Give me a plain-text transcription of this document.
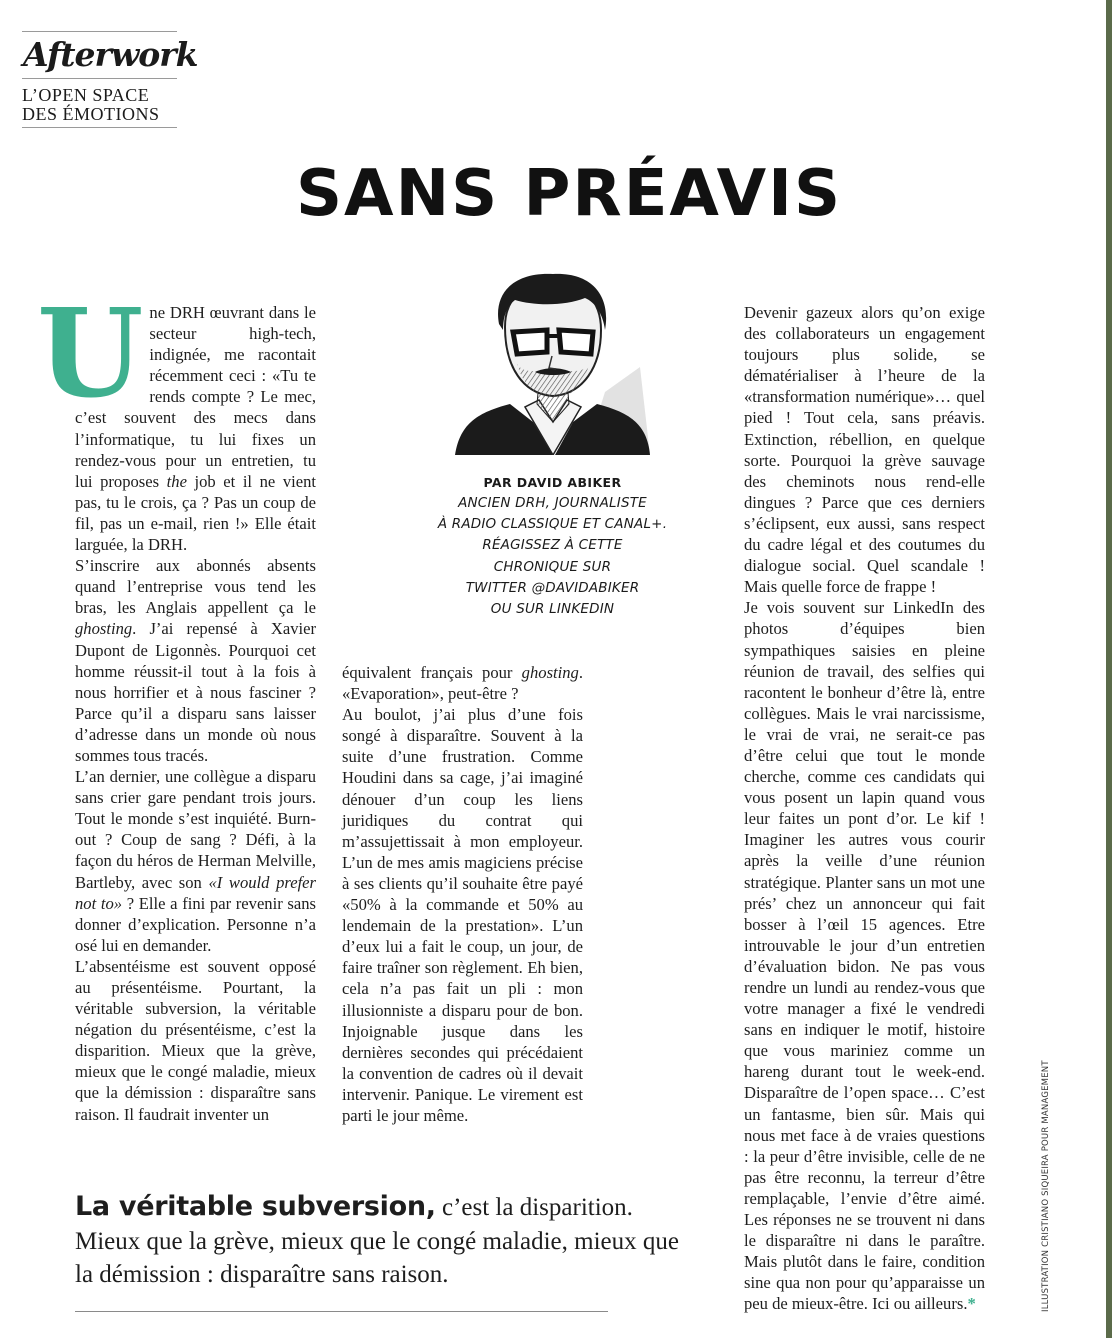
Afterwork
L’OPEN SPACE
DES ÉMOTIONS
SANS PRÉAVIS
U ne DRH œuvrant dans le secteur high-tech, indignée, me racontait récemment ceci : «Tu te rends compte ? Le mec, c’est souvent des mecs dans l’informatique, tu lui fixes un rendez-vous pour un entretien, tu lui proposes the job et il ne vient pas, tu le crois, ça ? Pas un coup de fil, pas un e-mail, rien !» Elle était larguée, la DRH.

S’inscrire aux abonnés absents quand l’entreprise vous tend les bras, les Anglais appellent ça le ghosting. J’ai repensé à Xavier Dupont de Ligonnès. Pourquoi cet homme réussit-il tout à la fois à nous horrifier et à nous fasciner ? Parce qu’il a disparu sans laisser d’adresse dans un monde où nous sommes tous tracés.

L’an dernier, une collègue a disparu sans crier gare pendant trois jours. Tout le monde s’est inquiété. Burn-out ? Coup de sang ? Défi, à la façon du héros de Herman Melville, Bartleby, avec son «I would prefer not to» ? Elle a fini par revenir sans donner d’explication. Personne n’a osé lui en demander.

L’absentéisme est souvent opposé au présentéisme. Pourtant, la véritable subversion, la véritable négation du présentéisme, c’est la disparition. Mieux que la grève, mieux que le congé maladie, mieux que la démission : disparaître sans raison. Il faudrait inventer un

PAR DAVID ABIKER
ANCIEN DRH, JOURNALISTE
À RADIO CLASSIQUE ET CANAL+.
RÉAGISSEZ À CETTE
CHRONIQUE SUR
TWITTER @DAVIDABIKER
OU SUR LINKEDIN

équivalent français pour ghosting. «Evaporation», peut-être ?

Au boulot, j’ai plus d’une fois songé à disparaître. Souvent à la suite d’une frustration. Comme Houdini dans sa cage, j’ai imaginé dénouer d’un coup les liens juridiques du contrat qui m’assujettissait à mon employeur. L’un de mes amis magiciens précise à ses clients qu’il souhaite être payé «50% à la commande et 50% au lendemain de la prestation». L’un d’eux lui a fait le coup, un jour, de faire traîner son règlement. Eh bien, cela n’a pas fait un pli : mon illusionniste a disparu pour de bon. Injoignable jusque dans les dernières secondes qui précédaient la convention de cadres où il devait intervenir. Panique. Le virement est parti le jour même.

Devenir gazeux alors qu’on exige des collaborateurs un engagement toujours plus solide, se dématérialiser à l’heure de la «transformation numérique»… quel pied ! Tout cela, sans préavis. Extinction, rébellion, en quelque sorte. Pourquoi la grève sauvage des cheminots nous rend-elle dingues ? Parce que ces derniers s’éclipsent, eux aussi, sans respect du cadre légal et des coutumes du dialogue social. Quel scandale ! Mais quelle force de frappe !

Je vois souvent sur LinkedIn des photos d’équipes bien sympathiques saisies en pleine réunion de travail, des selfies qui racontent le bonheur d’être là, entre collègues. Mais le vrai narcissisme, le vrai de vrai, ne serait-ce pas d’être celui que tout le monde cherche, comme ces candidats qui vous posent un lapin quand vous leur faites un pont d’or. Le kif ! Imaginer les autres vous courir après la veille d’une réunion stratégique. Planter sans un mot une prés’ chez un annonceur qui fait bosser à l’œil 15 agences. Etre introuvable le jour d’un entretien d’évaluation bidon. Ne pas vous rendre un lundi au rendez-vous que votre manager a fixé le vendredi sans en indiquer le motif, histoire que vous mariniez comme un hareng durant tout le week-end. Disparaître de l’open space… C’est un fantasme, bien sûr. Mais qui nous met face à de vraies questions : la peur d’être invisible, celle de ne pas être reconnu, la terreur d’être remplaçable, l’envie d’être aimé. Les réponses ne se trouvent ni dans le disparaître ni dans le paraître. Mais plutôt dans le faire, condition sine qua non pour qu’apparaisse un peu de mieux-être. Ici ou ailleurs.*

La véritable subversion, c’est la disparition. Mieux que la grève, mieux que le congé maladie, mieux que la démission : disparaître sans raison.	ILLUSTRATION CRISTIANO SIQUEIRA POUR MANAGEMENT
